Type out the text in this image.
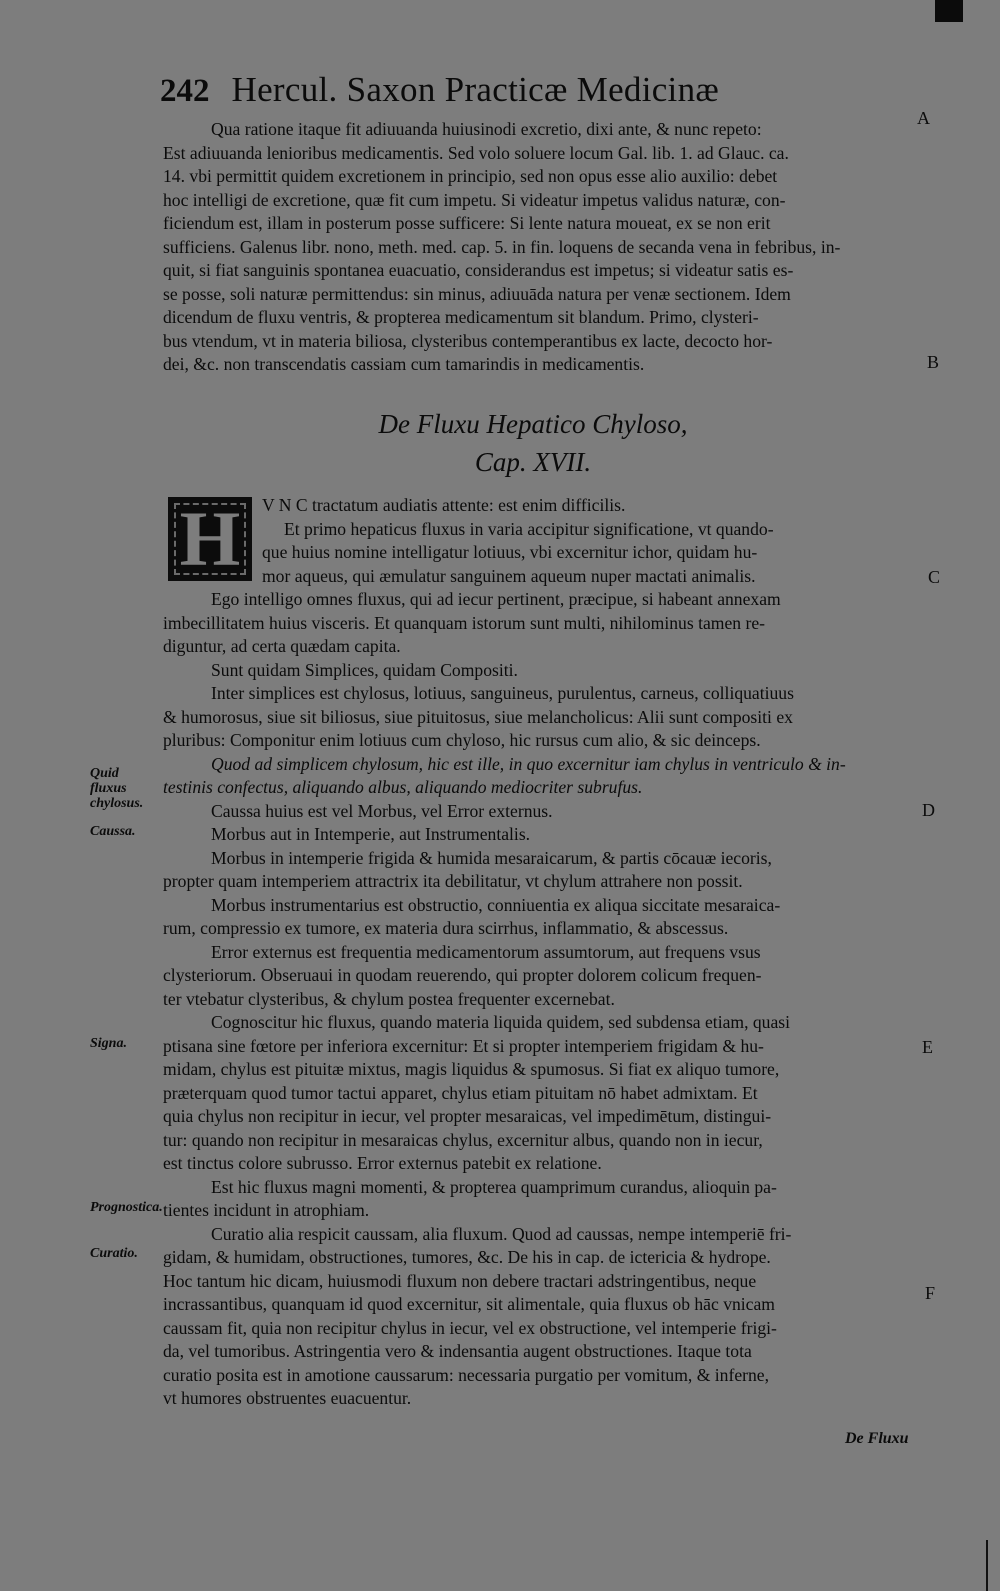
242 Hercul. Saxon Practicæ Medicinæ
Qua ratione itaque fit adiuuanda huiusinodi excretio, dixi ante, & nunc repeto:
Est adiuuanda lenioribus medicamentis. Sed volo soluere locum Gal. lib. 1. ad Glauc. ca.
14. vbi permittit quidem excretionem in principio, sed non opus esse alio auxilio: debet
hoc intelligi de excretione, quæ fit cum impetu. Si videatur impetus validus naturæ, con-
ficiendum est, illam in posterum posse sufficere: Si lente natura moueat, ex se non erit
sufficiens. Galenus libr. nono, meth. med. cap. 5. in fin. loquens de secanda vena in febribus, in-
quit, si fiat sanguinis spontanea euacuatio, considerandus est impetus; si videatur satis es-
se posse, soli naturæ permittendus: sin minus, adiuuāda natura per venæ sectionem. Idem
dicendum de fluxu ventris, & propterea medicamentum sit blandum. Primo, clysteri-
bus vtendum, vt in materia biliosa, clysteribus contemperantibus ex lacte, decocto hor-
dei, &c. non transcendatis cassiam cum tamarindis in medicamentis.
De Fluxu Hepatico Chyloso,
Cap. XVII.
H	V N C tractatum audiatis attente: est enim difficilis.
Et primo hepaticus fluxus in varia accipitur significatione, vt quando-
que huius nomine intelligatur lotiuus, vbi excernitur ichor, quidam hu-
mor aqueus, qui æmulatur sanguinem aqueum nuper mactati animalis.
Ego intelligo omnes fluxus, qui ad iecur pertinent, præcipue, si habeant annexam
imbecillitatem huius visceris. Et quanquam istorum sunt multi, nihilominus tamen re-
diguntur, ad certa quædam capita.
Sunt quidam Simplices, quidam Compositi.
Inter simplices est chylosus, lotiuus, sanguineus, purulentus, carneus, colliquatiuus
& humorosus, siue sit biliosus, siue pituitosus, siue melancholicus: Alii sunt compositi ex
pluribus: Componitur enim lotiuus cum chyloso, hic rursus cum alio, & sic deinceps.
Quod ad simplicem chylosum, hic est ille, in quo excernitur iam chylus in ventriculo & in-
testinis confectus, aliquando albus, aliquando mediocriter subrufus.
Caussa huius est vel Morbus, vel Error externus.
Morbus aut in Intemperie, aut Instrumentalis.
Morbus in intemperie frigida & humida mesaraicarum, & partis cōcauæ iecoris,
propter quam intemperiem attractrix ita debilitatur, vt chylum attrahere non possit.
Morbus instrumentarius est obstructio, conniuentia ex aliqua siccitate mesaraica-
rum, compressio ex tumore, ex materia dura scirrhus, inflammatio, & abscessus.
Error externus est frequentia medicamentorum assumtorum, aut frequens vsus
clysteriorum. Obseruaui in quodam reuerendo, qui propter dolorem colicum frequen-
ter vtebatur clysteribus, & chylum postea frequenter excernebat.
Cognoscitur hic fluxus, quando materia liquida quidem, sed subdensa etiam, quasi
ptisana sine fœtore per inferiora excernitur: Et si propter intemperiem frigidam & hu-
midam, chylus est pituitæ mixtus, magis liquidus & spumosus. Si fiat ex aliquo tumore,
præterquam quod tumor tactui apparet, chylus etiam pituitam nō habet admixtam. Et
quia chylus non recipitur in iecur, vel propter mesaraicas, vel impedimētum, distingui-
tur: quando non recipitur in mesaraicas chylus, excernitur albus, quando non in iecur,
est tinctus colore subrusso. Error externus patebit ex relatione.
Est hic fluxus magni momenti, & propterea quamprimum curandus, alioquin pa-
tientes incidunt in atrophiam.
Curatio alia respicit caussam, alia fluxum. Quod ad caussas, nempe intemperiē fri-
gidam, & humidam, obstructiones, tumores, &c. De his in cap. de ictericia & hydrope.
Hoc tantum hic dicam, huiusmodi fluxum non debere tractari adstringentibus, neque
incrassantibus, quanquam id quod excernitur, sit alimentale, quia fluxus ob hāc vnicam
caussam fit, quia non recipitur chylus in iecur, vel ex obstructione, vel intemperie frigi-
da, vel tumoribus. Astringentia vero & indensantia augent obstructiones. Itaque tota
curatio posita est in amotione caussarum: necessaria purgatio per vomitum, & inferne,
vt humores obstruentes euacuentur.
Quid fluxus chylosus.
Caussa.
Signa.
Prognostica.
Curatio.
A
B
C
D
E
F
De Fluxu
